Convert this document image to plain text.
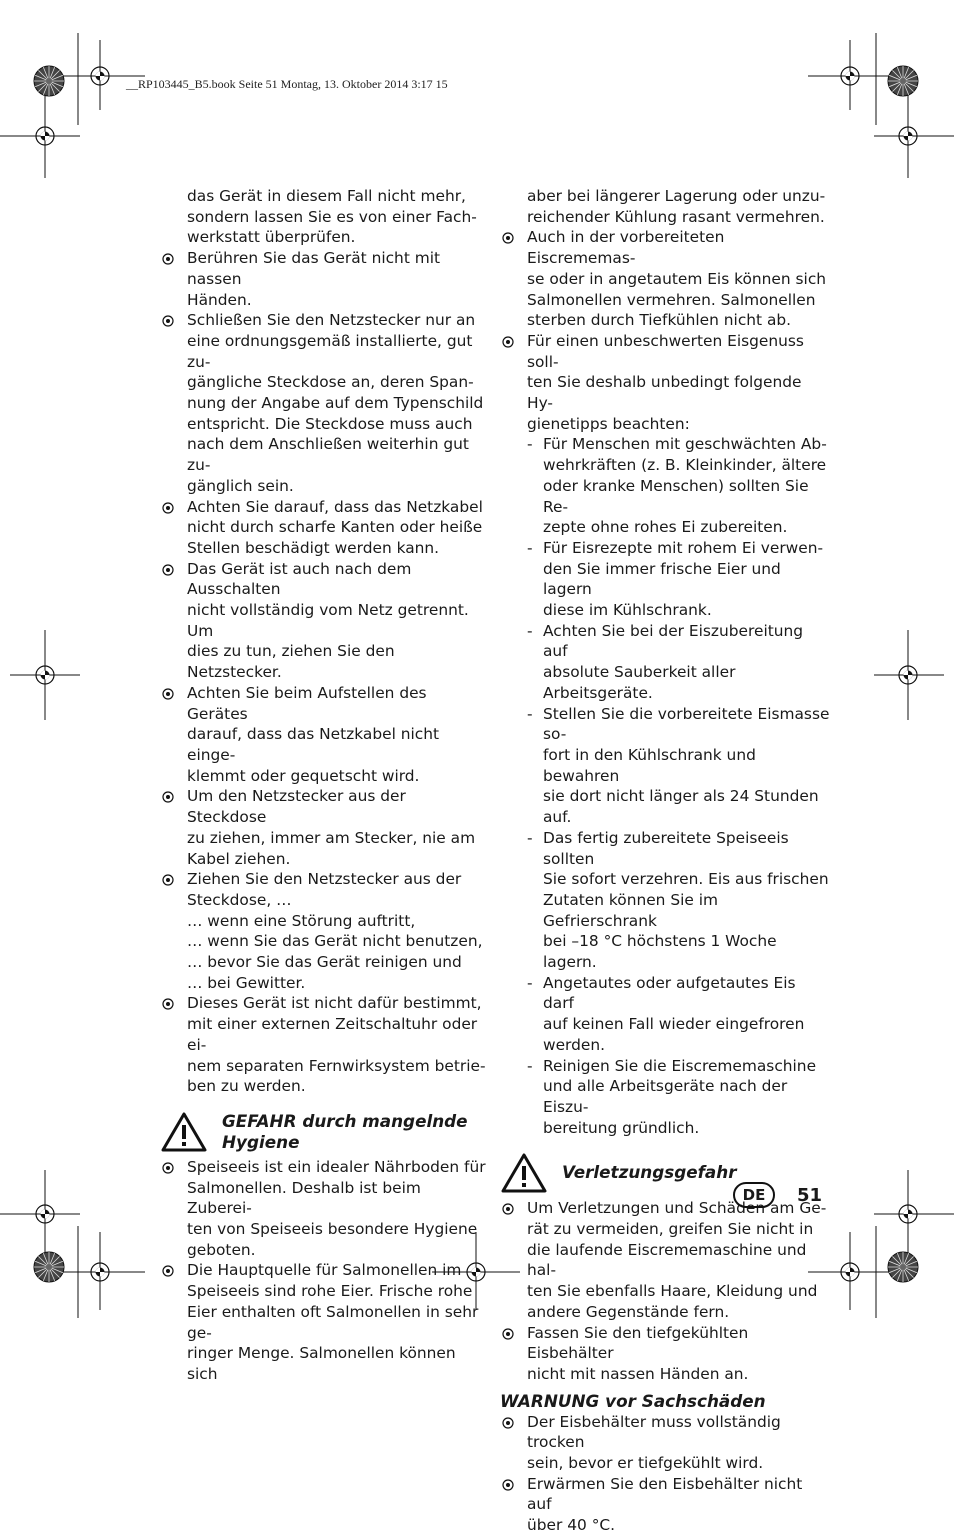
__RP103445_B5.book Seite 51 Montag, 13. Oktober 2014 3:17 15

das Gerät in diesem Fall nicht mehr,

sondern lassen Sie es von einer Fach-

werkstatt überprüfen.

Berühren Sie das Gerät nicht mit nassen

Händen.

Schließen Sie den Netzstecker nur an

eine ordnungsgemäß installierte, gut zu-

gängliche Steckdose an, deren Span-

nung der Angabe auf dem Typenschild

entspricht. Die Steckdose muss auch

nach dem Anschließen weiterhin gut zu-

gänglich sein.

Achten Sie darauf, dass das Netzkabel

nicht durch scharfe Kanten oder heiße

Stellen beschädigt werden kann.

Das Gerät ist auch nach dem Ausschalten

nicht vollständig vom Netz getrennt. Um

dies zu tun, ziehen Sie den Netzstecker.

Achten Sie beim Aufstellen des Gerätes

darauf, dass das Netzkabel nicht einge-

klemmt oder gequetscht wird.

Um den Netzstecker aus der Steckdose

zu ziehen, immer am Stecker, nie am

Kabel ziehen.

Ziehen Sie den Netzstecker aus der

Steckdose, …

… wenn eine Störung auftritt,

… wenn Sie das Gerät nicht benutzen,

… bevor Sie das Gerät reinigen und

… bei Gewitter.

Dieses Gerät ist nicht dafür bestimmt,

mit einer externen Zeitschaltuhr oder ei-

nem separaten Fernwirksystem betrie-

ben zu werden.

GEFAHR durch mangelnde
Hygiene

Speiseeis ist ein idealer Nährboden für

Salmonellen. Deshalb ist beim Zuberei-

ten von Speiseeis besondere Hygiene

geboten.

Die Hauptquelle für Salmonellen im

Speiseeis sind rohe Eier. Frische rohe

Eier enthalten oft Salmonellen in sehr ge-

ringer Menge. Salmonellen können sich

aber bei längerer Lagerung oder unzu-

reichender Kühlung rasant vermehren.

Auch in der vorbereiteten Eiscrememas-

se oder in angetautem Eis können sich

Salmonellen vermehren. Salmonellen

sterben durch Tiefkühlen nicht ab.

Für einen unbeschwerten Eisgenuss soll-

ten Sie deshalb unbedingt folgende Hy-

gienetipps beachten:

- Für Menschen mit geschwächten Ab-

wehrkräften (z. B. Kleinkinder, ältere

oder kranke Menschen) sollten Sie Re-

zepte ohne rohes Ei zubereiten.

- Für Eisrezepte mit rohem Ei verwen-

den Sie immer frische Eier und lagern

diese im Kühlschrank.

- Achten Sie bei der Eiszubereitung auf

absolute Sauberkeit aller Arbeitsgeräte.

- Stellen Sie die vorbereitete Eismasse so-

fort in den Kühlschrank und bewahren

sie dort nicht länger als 24 Stunden auf.

- Das fertig zubereitete Speiseeis sollten

Sie sofort verzehren. Eis aus frischen

Zutaten können Sie im Gefrierschrank

bei –18 °C höchstens 1 Woche lagern.

- Angetautes oder aufgetautes Eis darf

auf keinen Fall wieder eingefroren

werden.

- Reinigen Sie die Eiscrememaschine

und alle Arbeitsgeräte nach der Eiszu-

bereitung gründlich.

Verletzungsgefahr

Um Verletzungen und Schäden am Ge-

rät zu vermeiden, greifen Sie nicht in

die laufende Eiscrememaschine und hal-

ten Sie ebenfalls Haare, Kleidung und

andere Gegenstände fern.

Fassen Sie den tiefgekühlten Eisbehälter

nicht mit nassen Händen an.

WARNUNG vor Sachschäden

Der Eisbehälter muss vollständig trocken

sein, bevor er tiefgekühlt wird.

Erwärmen Sie den Eisbehälter nicht auf

über 40 °C.

DE	51
